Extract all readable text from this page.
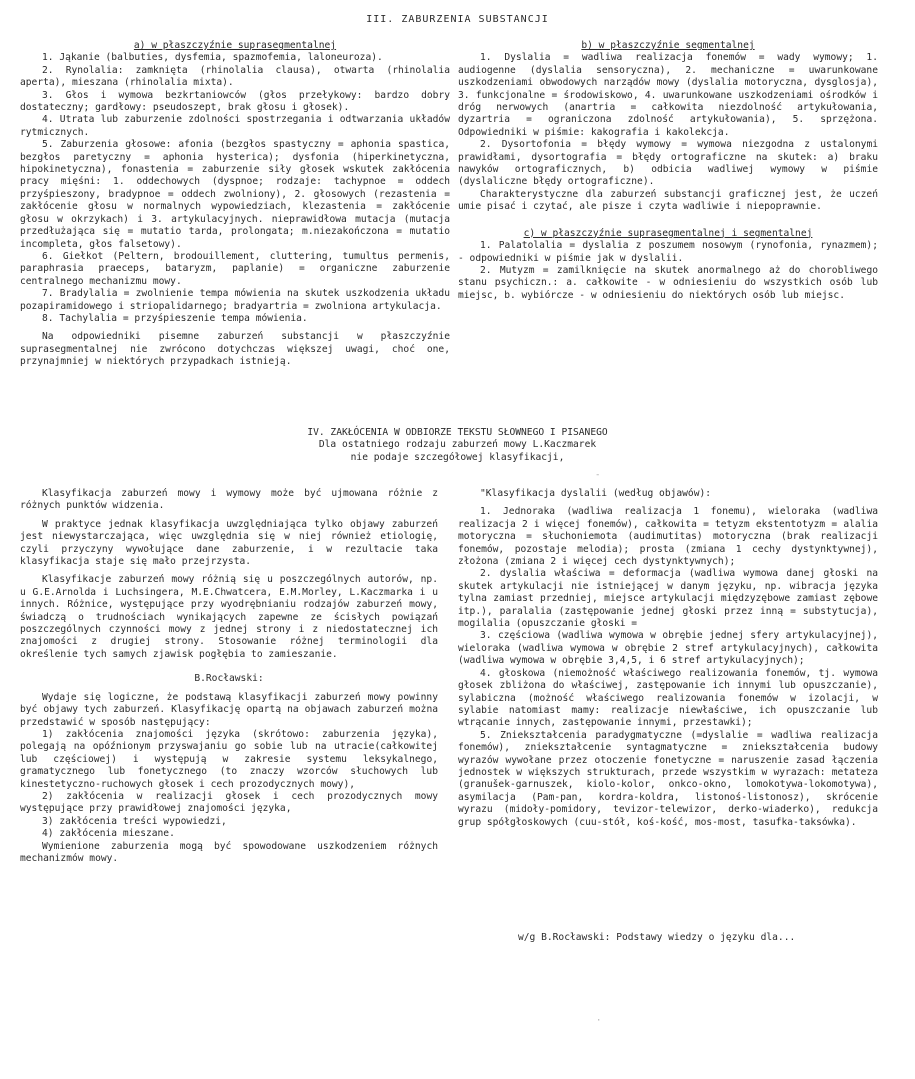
III. ZABURZENIA SUBSTANCJI

a) w płaszczyźnie suprasegmentalnej

1. Jąkanie (balbuties, dysfemia, spazmofemia, laloneuroza).

2. Rynolalia: zamknięta (rhinolalia clausa), otwarta (rhinolalia aperta), mieszana (rhinolalia mixta).

3. Głos i wymowa bezkrtaniowców (głos przełykowy: bardzo dobry dostateczny; gardłowy: pseudoszept, brak głosu i głosek).

4. Utrata lub zaburzenie zdolności spostrzegania i odtwarzania układów rytmicznych.

5. Zaburzenia głosowe: afonia (bezgłos spastyczny = aphonia spastica, bezgłos paretyczny = aphonia hysterica); dysfonia (hiperkinetyczna, hipokinetyczna), fonastenia = zaburzenie siły głosek wskutek zakłócenia pracy mięśni: 1. oddechowych (dyspnoe; rodzaje: tachypnoe = oddech przyśpieszony, bradypnoe = oddech zwolniony), 2. głosowych (rezastenia = zakłócenie głosu w normalnych wypowiedziach, klezastenia = zakłócenie głosu w okrzykach) i 3. artykulacyjnych. nieprawidłowa mutacja (mutacja przedłużająca się = mutatio tarda, prolongata; m.niezakończona = mutatio incompleta, głos falsetowy).

6. Giełkot (Peltern, brodouillement, cluttering, tumultus permenis, paraphrasia praeceps, bataryzm, paplanie) = organiczne zaburzenie centralnego mechanizmu mowy.

7. Bradylalia = zwolnienie tempa mówienia na skutek uszkodzenia układu pozapiramidowego i striopalidarnego; bradyartria = zwolniona artykulacja.

8. Tachylalia = przyśpieszenie tempa mówienia.

Na odpowiedniki pisemne zaburzeń substancji w płaszczyźnie suprasegmentalnej nie zwrócono dotychczas większej uwagi, choć one, przynajmniej w niektórych przypadkach istnieją.

b) w płaszczyźnie segmentalnej

1. Dyslalia = wadliwa realizacja fonemów = wady wymowy; 1. audiogenne (dyslalia sensoryczna), 2. mechaniczne = uwarunkowane uszkodzeniami obwodowych narządów mowy (dyslalia motoryczna, dysglosja), 3. funkcjonalne = środowiskowo, 4. uwarunkowane uszkodzeniami ośrodków i dróg nerwowych (anartria = całkowita niezdolność artykułowania, dyzartria = ograniczona zdolność artykułowania), 5. sprzężona. Odpowiedniki w piśmie: kakografia i kakolekcja.

2. Dysortofonia = błędy wymowy = wymowa niezgodna z ustalonymi prawidłami, dysortografia = błędy ortograficzne na skutek: a) braku nawyków ortograficznych, b) odbicia wadliwej wymowy w piśmie (dyslaliczne błędy ortograficzne).

Charakterystyczne dla zaburzeń substancji graficznej jest, że uczeń umie pisać i czytać, ale pisze i czyta wadliwie i niepoprawnie.

c) w płaszczyźnie suprasegmentalnej i segmentalnej

1. Palatolalia = dyslalia z poszumem nosowym (rynofonia, rynazmem); - odpowiedniki w piśmie jak w dyslalii.

2. Mutyzm = zamilknięcie na skutek anormalnego aż do chorobliwego stanu psychiczn.: a. całkowite - w odniesieniu do wszystkich osób lub miejsc, b. wybiórcze - w odniesieniu do niektórych osób lub miejsc.

IV. ZAKŁÓCENIA W ODBIORZE TEKSTU SŁOWNEGO I PISANEGO
Dla ostatniego rodzaju zaburzeń mowy L.Kaczmarek
nie podaje szczegółowej klasyfikacji,
-

Klasyfikacja zaburzeń mowy i wymowy może być ujmowana różnie z różnych punktów widzenia.

W praktyce jednak klasyfikacja uwzględniająca tylko objawy zaburzeń jest niewystarczająca, więc uwzględnia się w niej również etiologię, czyli przyczyny wywołujące dane zaburzenie, i w rezultacie taka klasyfikacja staje się mało przejrzysta.

Klasyfikacje zaburzeń mowy różnią się u poszczególnych autorów, np. u G.E.Arnolda i Luchsingera, M.E.Chwatcera, E.M.Morley, L.Kaczmarka i u innych. Różnice, występujące przy wyodrębnianiu rodzajów zaburzeń mowy, świadczą o trudnościach wynikających zapewne ze ścisłych powiązań poszczególnych czynności mowy z jednej strony i z niedostatecznej ich znajomości z drugiej strony. Stosowanie różnej terminologii dla określenie tych samych zjawisk pogłębia to zamieszanie.

B.Rocławski:

Wydaje się logiczne, że podstawą klasyfikacji zaburzeń mowy powinny być objawy tych zaburzeń. Klasyfikację opartą na objawach zaburzeń można przedstawić w sposób następujący:

1) zakłócenia znajomości języka (skrótowo: zaburzenia języka), polegają na opóźnionym przyswajaniu go sobie lub na utracie(całkowitej lub częściowej) i występują w zakresie systemu leksykalnego, gramatycznego lub fonetycznego (to znaczy wzorców słuchowych lub kinestetyczno-ruchowych głosek i cech prozodycznych mowy),

2) zakłócenia w realizacji głosek i cech prozodycznych mowy występujące przy prawidłowej znajomości języka,

3) zakłócenia treści wypowiedzi,

4) zakłócenia mieszane.

Wymienione zaburzenia mogą być spowodowane uszkodzeniem różnych mechanizmów mowy.

"Klasyfikacja dyslalii (według objawów):

1. Jednoraka (wadliwa realizacja 1 fonemu), wieloraka (wadliwa realizacja 2 i więcej fonemów), całkowita = tetyzm ekstentotyzm = alalia motoryczna = słuchoniemota (audimutitas) motoryczna (brak realizacji fonemów, pozostaje melodia); prosta (zmiana 1 cechy dystynktywnej), złożona (zmiana 2 i więcej cech dystynktywnych);

2. dyslalia właściwa = deformacja (wadliwa wymowa danej głoski na skutek artykulacji nie istniejącej w danym języku, np. wibracja języka tylna zamiast przedniej, miejsce artykulacji międzyzębowe zamiast zębowe itp.), paralalia (zastępowanie jednej głoski przez inną = substytucja), mogilalia (opuszczanie głoski =

3. częściowa (wadliwa wymowa w obrębie jednej sfery artykulacyjnej), wieloraka (wadliwa wymowa w obrębie 2 stref artykulacyjnych), całkowita (wadliwa wymowa w obrębie 3,4,5, i 6 stref artykulacyjnych);

4. głoskowa (niemożność właściwego realizowania fonemów, tj. wymowa głosek zbliżona do właściwej, zastępowanie ich innymi lub opuszczanie), sylabiczna (możność właściwego realizowania fonemów w izolacji, w sylabie natomiast mamy: realizacje niewłaściwe, ich opuszczanie lub wtrącanie innych, zastępowanie innymi, przestawki);

5. Zniekształcenia paradygmatyczne (=dyslalie = wadliwa realizacja fonemów), zniekształcenie syntagmatyczne = zniekształcenia budowy wyrazów wywołane przez otoczenie fonetyczne = naruszenie zasad łączenia jednostek w większych strukturach, przede wszystkim w wyrazach: metateza (granušek-garnuszek, kiolo-kolor, onkco-okno, lomokotywa-lokomotywa), asymilacja (Pam-pan, kordra-koldra, listonoś-listonosz), skrócenie wyrazu (midoły-pomidory, tevizor-telewizor, derko-wiaderko), redukcja grup spółgłoskowych (cuu-stół, koś-kość, mos-most, tasufka-taksówka).

w/g B.Rocławski: Podstawy wiedzy o języku dla...
·
